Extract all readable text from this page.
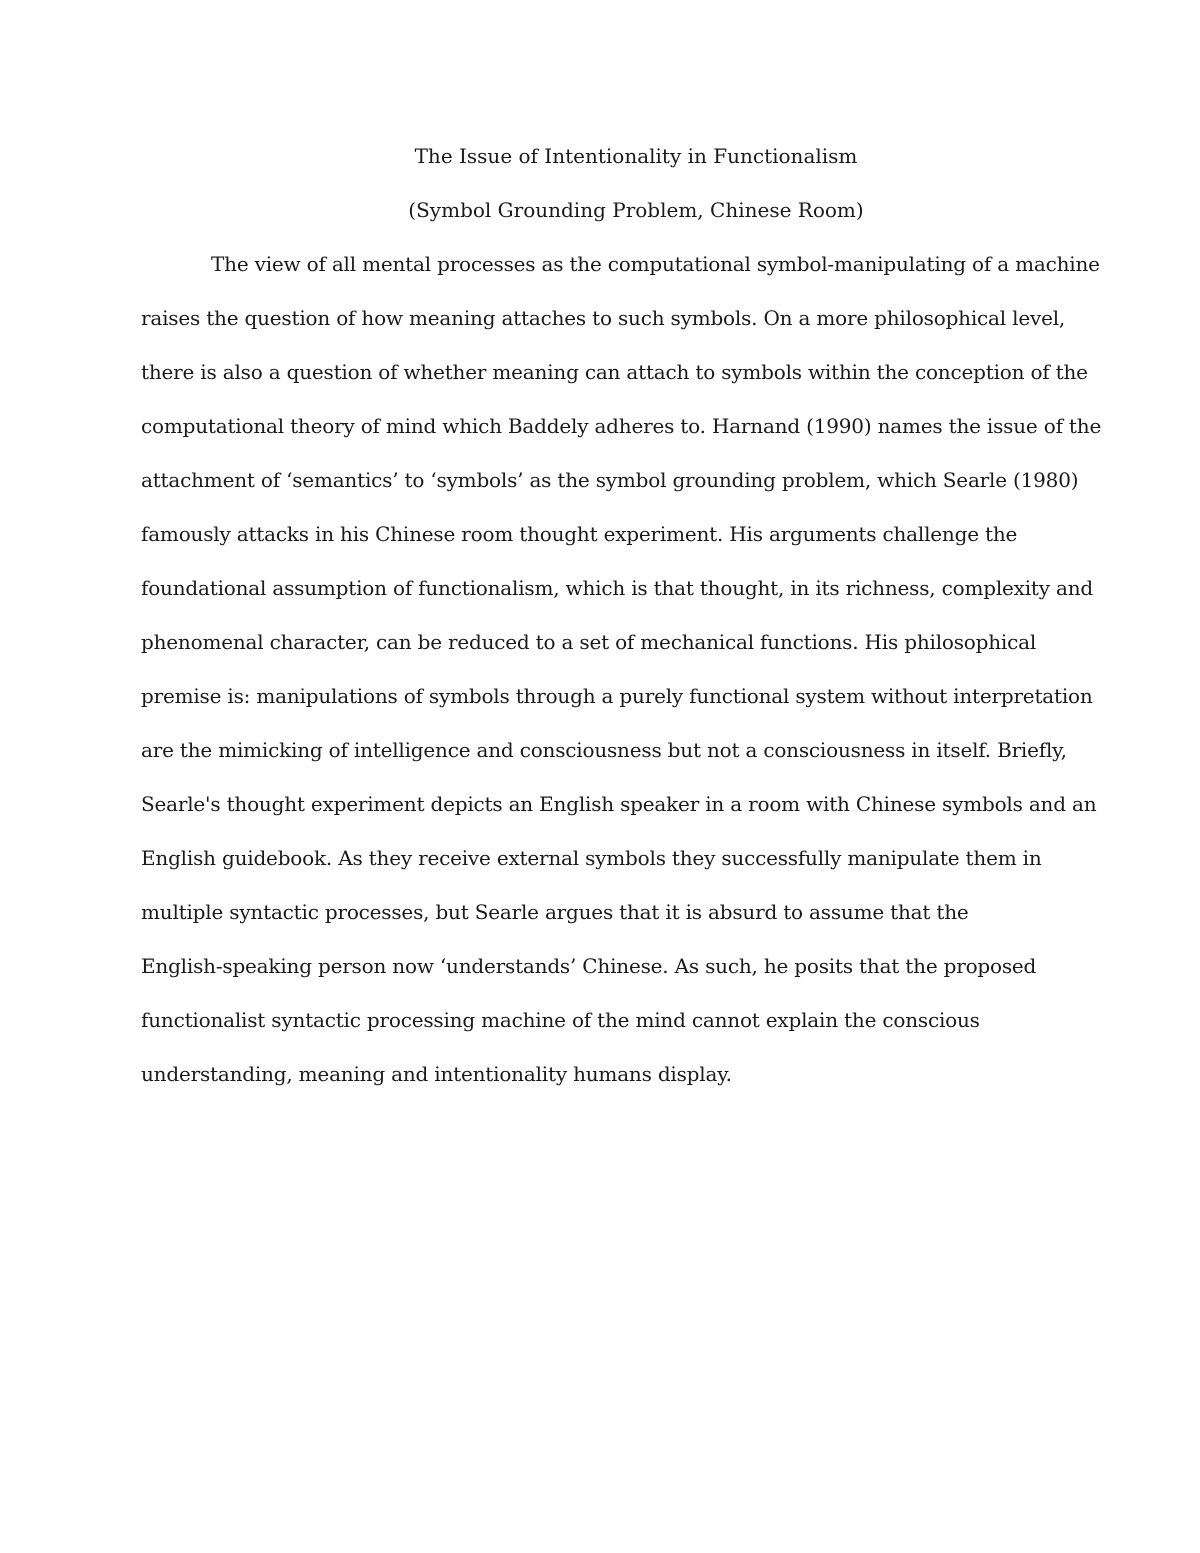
The Issue of Intentionality in Functionalism
(Symbol Grounding Problem, Chinese Room)
The view of all mental processes as the computational symbol-manipulating of a machine
raises the question of how meaning attaches to such symbols. On a more philosophical level,
there is also a question of whether meaning can attach to symbols within the conception of the
computational theory of mind which Baddely adheres to. Harnand (1990) names the issue of the
attachment of ‘semantics’ to ‘symbols’ as the symbol grounding problem, which Searle (1980)
famously attacks in his Chinese room thought experiment. His arguments challenge the
foundational assumption of functionalism, which is that thought, in its richness, complexity and
phenomenal character, can be reduced to a set of mechanical functions. His philosophical
premise is: manipulations of symbols through a purely functional system without interpretation
are the mimicking of intelligence and consciousness but not a consciousness in itself. Briefly,
Searle's thought experiment depicts an English speaker in a room with Chinese symbols and an
English guidebook. As they receive external symbols they successfully manipulate them in
multiple syntactic processes, but Searle argues that it is absurd to assume that the
English-speaking person now ‘understands’ Chinese. As such, he posits that the proposed
functionalist syntactic processing machine of the mind cannot explain the conscious
understanding, meaning and intentionality humans display.
